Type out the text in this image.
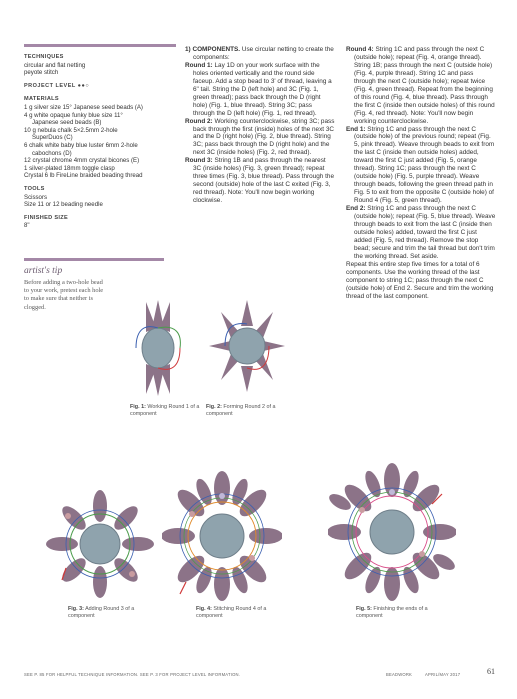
TECHNIQUES
circular and flat netting
peyote stitch
PROJECT LEVEL ●●○
MATERIALS
1 g silver size 15° Japanese seed beads (A)
4 g white opaque funky blue size 11°
Japanese seed beads (B)
10 g nebula chalk 5×2.5mm 2-hole
SuperDuos (C)
6 chalk white baby blue luster 6mm 2-hole
cabochons (D)
12 crystal chrome 4mm crystal bicones (E)
1 silver-plated 18mm toggle clasp
Crystal 6 lb FireLine braided beading thread
TOOLS
Scissors
Size 11 or 12 beading needle
FINISHED SIZE
8"
artist's tip
Before adding a two-hole bead to your work, pretest each hole to make sure that neither is clogged.

1) COMPONENTS. Use circular netting to create the components:

Round 1: Lay 1D on your work surface with the holes oriented vertically and the round side faceup. Add a stop bead to 3' of thread, leaving a 6" tail. String the D (left hole) and 3C (Fig. 1, green thread); pass back through the D (right hole) (Fig. 1, blue thread). String 3C; pass through the D (left hole) (Fig. 1, red thread).

Round 2: Working counterclockwise, string 3C; pass back through the first (inside) holes of the next 3C and the D (right hole) (Fig. 2, blue thread). String 3C; pass back through the D (right hole) and the next 3C (inside holes) (Fig. 2, red thread).

Round 3: String 1B and pass through the nearest 3C (inside holes) (Fig. 3, green thread); repeat three times (Fig. 3, blue thread). Pass through the second (outside) hole of the last C exited (Fig. 3, red thread). Note: You'll now begin working clockwise.

Round 4: String 1C and pass through the next C (outside hole); repeat (Fig. 4, orange thread). String 1B; pass through the next C (outside hole) (Fig. 4, purple thread). String 1C and pass through the next C (outside hole); repeat twice (Fig. 4, green thread). Repeat from the beginning of this round (Fig. 4, blue thread). Pass through the first C (inside then outside holes) of this round (Fig. 4, red thread). Note: You'll now begin working counterclockwise.

End 1: String 1C and pass through the next C (outside hole) of the previous round; repeat (Fig. 5, pink thread). Weave through beads to exit from the last C (inside then outside holes) added, toward the first C just added (Fig. 5, orange thread). String 1C; pass through the next C (outside hole) (Fig. 5, purple thread). Weave through beads, following the green thread path in Fig. 5 to exit from the opposite C (outside hole) of Round 4 (Fig. 5, green thread).

End 2: String 1C and pass through the next C (outside hole); repeat (Fig. 5, blue thread). Weave through beads to exit from the last C (inside then outside holes) added, toward the first C just added (Fig. 5, red thread). Remove the stop bead; secure and trim the tail thread but don't trim the working thread. Set aside.

Repeat this entire step five times for a total of 6 components. Use the working thread of the last component to string 1C; pass through the next C (outside hole) of End 2. Secure and trim the working thread of the last component.

Fig. 1: Working Round 1 of a component
Fig. 2: Forming Round 2 of a component
Fig. 3: Adding Round 3 of a component
Fig. 4: Stitching Round 4 of a component
Fig. 5: Finishing the ends of a component
SEE P. 85 FOR HELPFUL TECHNIQUE INFORMATION. SEE P. 3 FOR PROJECT LEVEL INFORMATION.	BEADWORK	APRIL/MAY 2017	61
